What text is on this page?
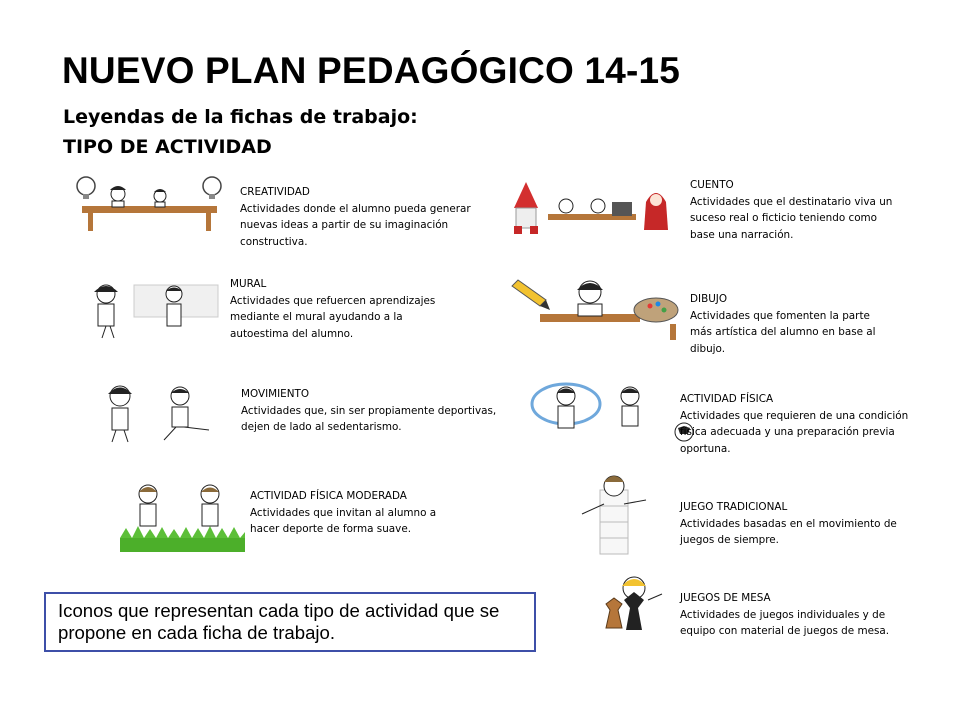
NUEVO PLAN PEDAGÓGICO 14-15
Leyendas de la fichas de trabajo:
TIPO DE ACTIVIDAD
CREATIVIDAD
Actividades donde el alumno pueda generar nuevas ideas a partir de su imaginación constructiva.
MURAL
Actividades que refuercen aprendizajes mediante el mural ayudando a la autoestima del alumno.
MOVIMIENTO
Actividades que, sin ser propiamente deportivas, dejen de lado al sedentarismo.
ACTIVIDAD FÍSICA MODERADA
Actividades que invitan al alumno a hacer deporte de forma suave.
CUENTO
Actividades que el destinatario viva un suceso real o ficticio teniendo como base una narración.
DIBUJO
Actividades que fomenten la parte más artística del alumno en base al dibujo.
ACTIVIDAD FÍSICA
Actividades que requieren de una condición física adecuada y una preparación previa oportuna.
JUEGO TRADICIONAL
Actividades basadas en el movimiento de juegos de siempre.
JUEGOS DE MESA
Actividades de juegos individuales y de equipo con material de juegos de mesa.
Iconos que representan cada tipo de actividad que se propone en cada ficha de trabajo.
